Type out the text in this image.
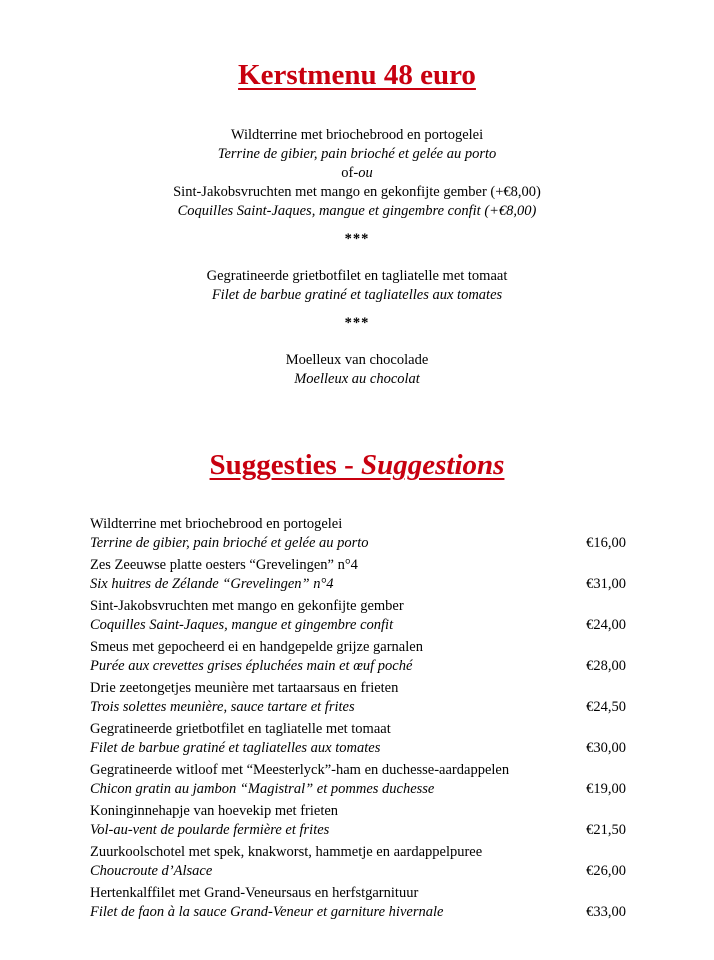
Kerstmenu 48 euro
Wildterrine met briochebrood en portogelei
Terrine de gibier, pain brioché et gelée au porto
of-ou
Sint-Jakobsvruchten met mango en gekonfijte gember (+€8,00)
Coquilles Saint-Jaques, mangue et gingembre confit (+€8,00)
***
Gegratineerde grietbotfilet en tagliatelle met tomaat
Filet de barbue gratiné et tagliatelles aux tomates
***
Moelleux van chocolade
Moelleux au chocolat
Suggesties - Suggestions
Wildterrine met briochebrood en portogelei
Terrine de gibier, pain brioché et gelée au porto	€16,00
Zes Zeeuwse platte oesters “Grevelingen” n°4
Six huitres de Zélande “Grevelingen” n°4	€31,00
Sint-Jakobsvruchten met mango en gekonfijte gember
Coquilles Saint-Jaques, mangue et gingembre confit	€24,00
Smeus met gepocheerd ei en handgepelde grijze garnalen
Purée aux crevettes grises épluchées main et œuf poché	€28,00
Drie zeetongetjes meunière met tartaarsaus en frieten
Trois solettes meunière, sauce tartare et frites	€24,50
Gegratineerde grietbotfilet en tagliatelle met tomaat
Filet de barbue gratiné et tagliatelles aux tomates	€30,00
Gegratineerde witloof met “Meesterlyck”-ham en duchesse-aardappelen
Chicon gratin au jambon “Magistral” et pommes duchesse	€19,00
Koninginnehapje van hoevekip met frieten
Vol-au-vent de poularde fermière et frites	€21,50
Zuurkoolschotel met spek, knakworst, hammetje en aardappelpuree
Choucroute d’Alsace	€26,00
Hertenkalffilet met Grand-Veneursaus en herfstgarnituur
Filet de faon à la sauce Grand-Veneur et garniture hivernale	€33,00
